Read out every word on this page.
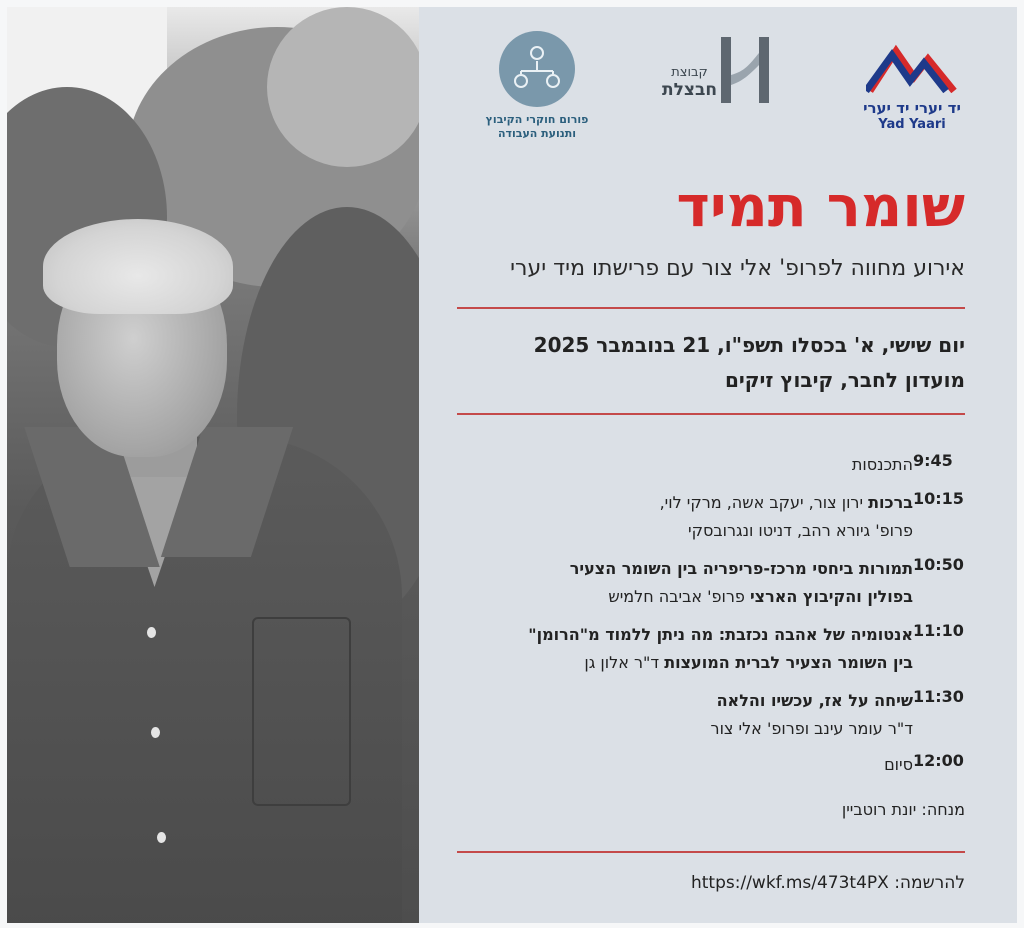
יד יערי יד יערי
Yad Yaari
קבוצת
חבצלת
פורום חוקרי הקיבוץ
ותנועת העבודה
שומר תמיד
אירוע מחווה לפרופ' אלי צור עם פרישתו מיד יערי
יום שישי, א' בכסלו תשפ"ו, 21 בנובמבר 2025
מועדון לחבר, קיבוץ זיקים
9:45
התכנסות
10:15
ברכות ירון צור, יעקב אשה, מרקי לוי,
פרופ' גיורא רהב, דניטו ונגרובסקי
10:50
תמורות ביחסי מרכז-פריפריה בין השומר הצעיר
בפולין והקיבוץ הארצי פרופ' אביבה חלמיש
11:10
אנטומיה של אהבה נכזבת: מה ניתן ללמוד מ"הרומן"
בין השומר הצעיר לברית המועצות ד"ר אלון גן
11:30
שיחה על אז, עכשיו והלאה
ד"ר עומר עינב ופרופ' אלי צור
12:00
סיום
מנחה: יונת רוטביין
להרשמה: https://wkf.ms/473t4PX
